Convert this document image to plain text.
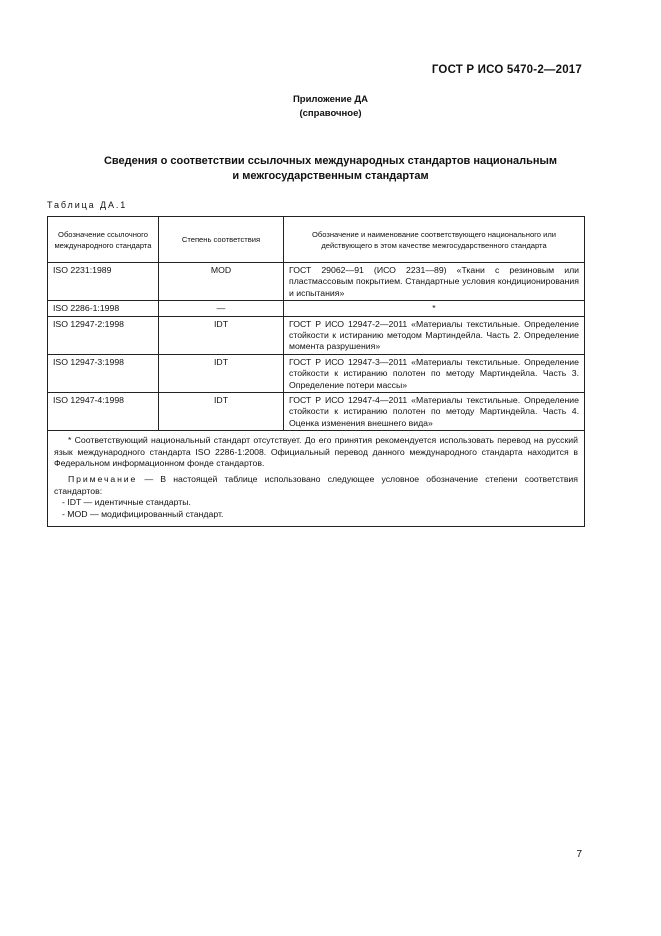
ГОСТ Р ИСО 5470-2—2017
Приложение ДА
(справочное)
Сведения о соответствии ссылочных международных стандартов национальным
и межгосударственным стандартам
Таблица ДА.1
Обозначение ссылочного международного стандарта	Степень соответствия	Обозначение и наименование соответствующего национального или действующего в этом качестве межгосударственного стандарта
ISO 2231:1989	MOD	ГОСТ 29062—91 (ИСО 2231—89) «Ткани с резиновым или пластмассовым покрытием. Стандартные условия кондиционирования и испытания»
ISO 2286-1:1998	—	*
ISO 12947-2:1998	IDT	ГОСТ Р ИСО 12947-2—2011 «Материалы текстильные. Определение стойкости к истиранию методом Мартиндейла. Часть 2. Определение момента разрушения»
ISO 12947-3:1998	IDT	ГОСТ Р ИСО 12947-3—2011 «Материалы текстильные. Определение стойкости к истиранию полотен по методу Мартиндейла. Часть 3. Определение потери массы»
ISO 12947-4:1998	IDT	ГОСТ Р ИСО 12947-4—2011 «Материалы текстильные. Определение стойкости к истиранию полотен по методу Мартиндейла. Часть 4. Оценка изменения внешнего вида»

* Соответствующий национальный стандарт отсутствует. До его принятия рекомендуется использовать перевод на русский язык международного стандарта ISO 2286-1:2008. Официальный перевод данного международного стандарта находится в Федеральном информационном фонде стандартов.

Примечание — В настоящей таблице использовано следующее условное обозначение степени соответствия стандартов:

- IDT — идентичные стандарты.

- MOD — модифицированный стандарт.		

7
